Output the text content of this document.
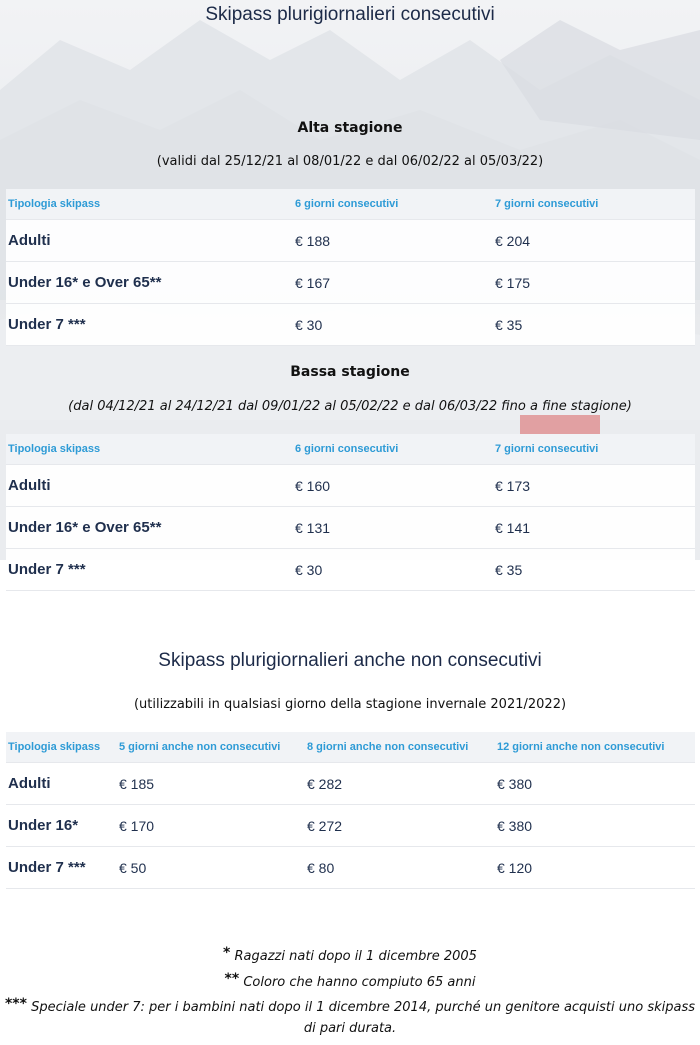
Skipass plurigiornalieri consecutivi
Alta stagione
(validi dal 25/12/21 al 08/01/22 e dal 06/02/22 al 05/03/22)
Tipologia skipass	6 giorni consecutivi	7 giorni consecutivi
Adulti	€ 188	€ 204
Under 16* e Over 65**	€ 167	€ 175
Under 7 ***	€ 30	€ 35
Bassa stagione
(dal 04/12/21 al 24/12/21 dal 09/01/22 al 05/02/22 e dal 06/03/22 fino a fine stagione)
Tipologia skipass	6 giorni consecutivi	7 giorni consecutivi
Adulti	€ 160	€ 173
Under 16* e Over 65**	€ 131	€ 141
Under 7 ***	€ 30	€ 35
Skipass plurigiornalieri anche non consecutivi
(utilizzabili in qualsiasi giorno della stagione invernale 2021/2022)
Tipologia skipass	5 giorni anche non consecutivi	8 giorni anche non consecutivi	12 giorni anche non consecutivi
Adulti	€ 185	€ 282	€ 380
Under 16*	€ 170	€ 272	€ 380
Under 7 ***	€ 50	€ 80	€ 120
* Ragazzi nati dopo il 1 dicembre 2005
** Coloro che hanno compiuto 65 anni
*** Speciale under 7: per i bambini nati dopo il 1 dicembre 2014, purché un genitore acquisti uno skipass di pari durata.
